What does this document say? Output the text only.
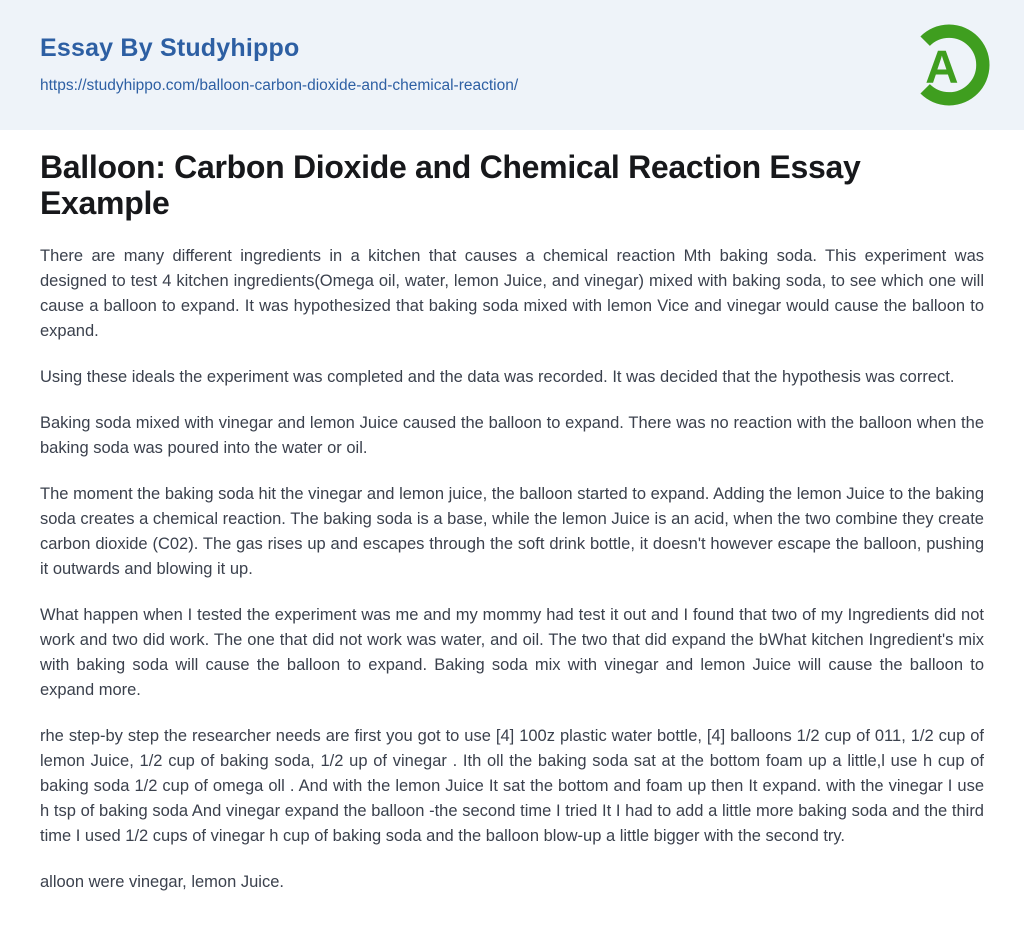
Essay By Studyhippo
https://studyhippo.com/balloon-carbon-dioxide-and-chemical-reaction/	A
Balloon: Carbon Dioxide and Chemical Reaction Essay Example

There are many different ingredients in a kitchen that causes a chemical reaction Mth baking soda. This experiment was designed to test 4 kitchen ingredients(Omega oil, water, lemon Juice, and vinegar) mixed with baking soda, to see which one will cause a balloon to expand. It was hypothesized that baking soda mixed with lemon Vice and vinegar would cause the balloon to expand.

Using these ideals the experiment was completed and the data was recorded. It was decided that the hypothesis was correct.

Baking soda mixed with vinegar and lemon Juice caused the balloon to expand. There was no reaction with the balloon when the baking soda was poured into the water or oil.

The moment the baking soda hit the vinegar and lemon juice, the balloon started to expand. Adding the lemon Juice to the baking soda creates a chemical reaction. The baking soda is a base, while the lemon Juice is an acid, when the two combine they create carbon dioxide (C02). The gas rises up and escapes through the soft drink bottle, it doesn't however escape the balloon, pushing it outwards and blowing it up.

What happen when I tested the experiment was me and my mommy had test it out and I found that two of my Ingredients did not work and two did work. The one that did not work was water, and oil. The two that did expand the bWhat kitchen Ingredient's mix with baking soda will cause the balloon to expand. Baking soda mix with vinegar and lemon Juice will cause the balloon to expand more.

rhe step-by step the researcher needs are first you got to use [4] 100z plastic water bottle, [4] balloons 1/2 cup of 011, 1/2 cup of lemon Juice, 1/2 cup of baking soda, 1/2 up of vinegar . Ith oll the baking soda sat at the bottom foam up a little,l use h cup of baking soda 1/2 cup of omega oll . And with the lemon Juice It sat the bottom and foam up then It expand. with the vinegar I use h tsp of baking soda And vinegar expand the balloon -the second time I tried It I had to add a little more baking soda and the third time I used 1/2 cups of vinegar h cup of baking soda and the balloon blow-up a little bigger with the second try.

alloon were vinegar, lemon Juice.
